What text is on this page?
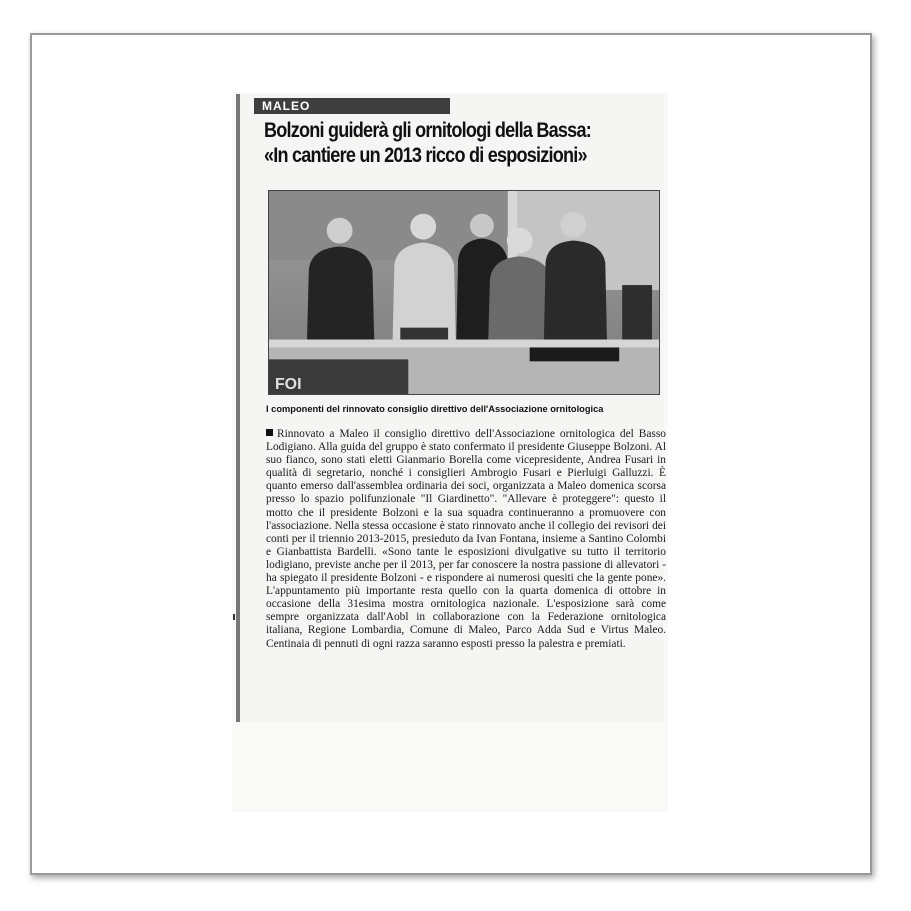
MALEO
Bolzoni guiderà gli ornitologi della Bassa:
«In cantiere un 2013 ricco di esposizioni»
FOI
I componenti del rinnovato consiglio direttivo dell'Associazione ornitologica
Rinnovato a Maleo il consiglio direttivo dell'Associazione ornitologica del Basso Lodigiano. Alla guida del gruppo è stato confermato il presidente Giuseppe Bolzoni. Al suo fianco, sono stati eletti Gianmario Borella come vicepresidente, Andrea Fusari in qualità di segretario, nonché i consiglieri Ambrogio Fusari e Pierluigi Galluzzi. È quanto emerso dall'assemblea ordinaria dei soci, organizzata a Maleo domenica scorsa presso lo spazio polifunzionale "Il Giardinetto". "Allevare è proteggere": questo il motto che il presidente Bolzoni e la sua squadra continueranno a promuovere con l'associazione. Nella stessa occasione è stato rinnovato anche il collegio dei revisori dei conti per il triennio 2013-2015, presieduto da Ivan Fontana, insieme a Santino Colombi e Gianbattista Bardelli. «Sono tante le esposizioni divulgative su tutto il territorio lodigiano, previste anche per il 2013, per far conoscere la nostra passione di allevatori - ha spiegato il presidente Bolzoni - e rispondere ai numerosi quesiti che la gente pone». L'appuntamento più importante resta quello con la quarta domenica di ottobre in occasione della 31esima mostra ornitologica nazionale. L'esposizione sarà come sempre organizzata dall'Aobl in collaborazione con la Federazione ornitologica italiana, Regione Lombardia, Comune di Maleo, Parco Adda Sud e Virtus Maleo. Centinaia di pennuti di ogni razza saranno esposti presso la palestra e premiati.
